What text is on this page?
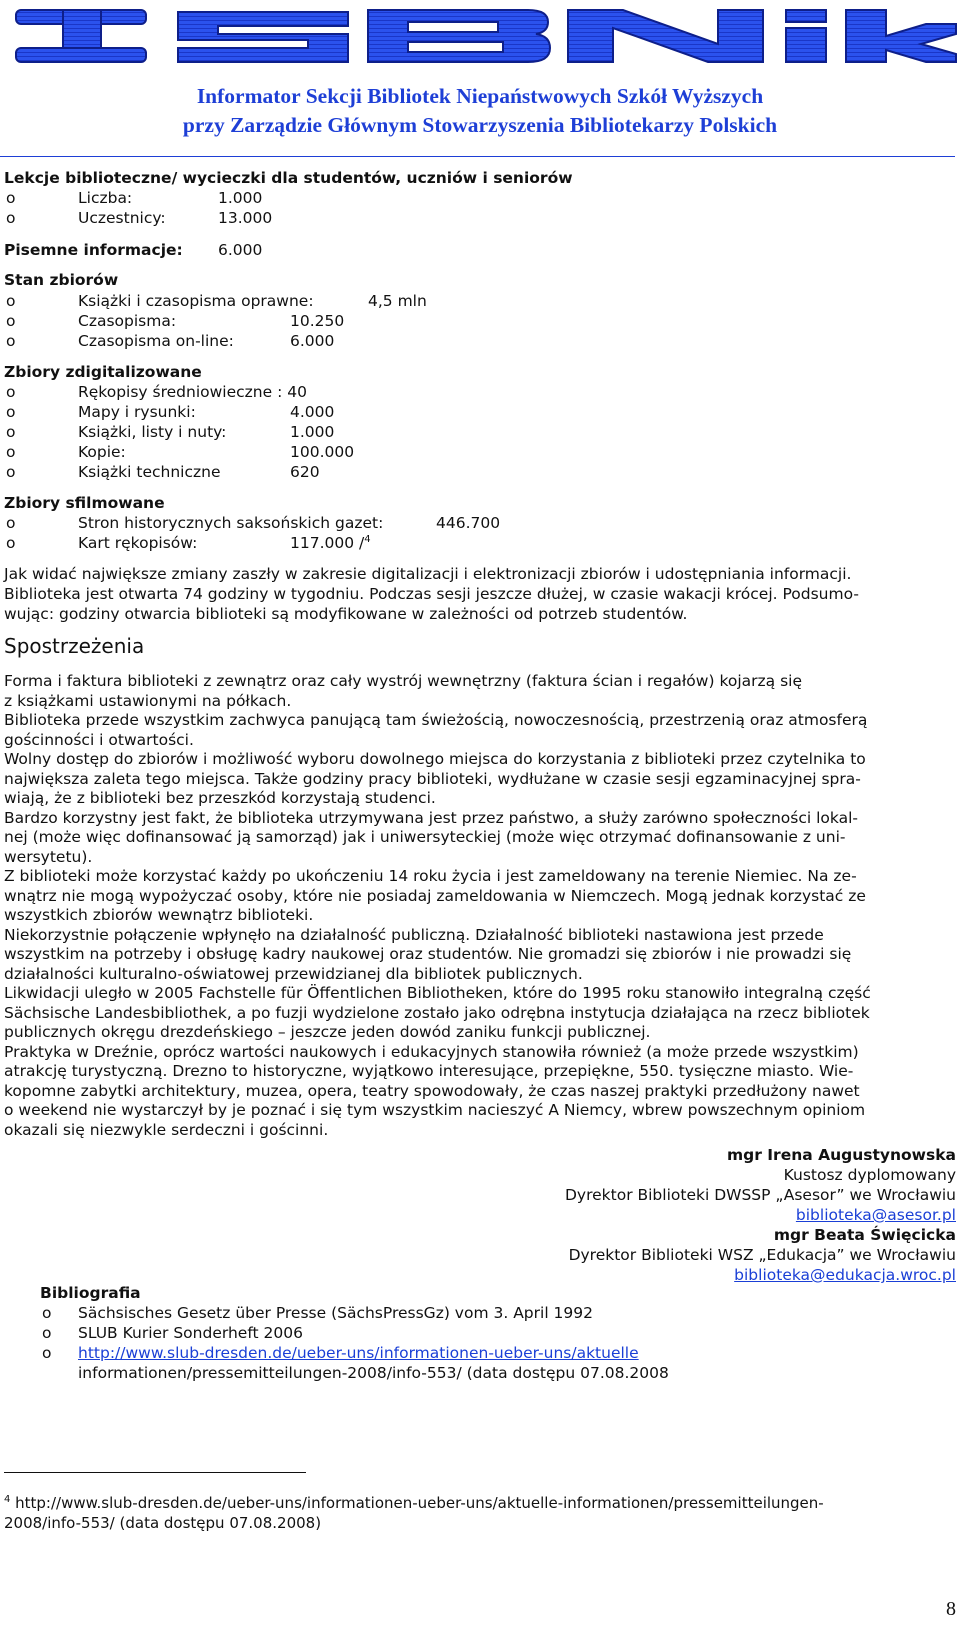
Informator Sekcji Bibliotek Niepaństwowych Szkół Wyższych
przy Zarządzie Głównym Stowarzyszenia Bibliotekarzy Polskich
Lekcje biblioteczne/ wycieczki dla studentów, uczniów i seniorów
o	Liczba:	1.000
o	Uczestnicy:	13.000
Pisemne informacje: 6.000
Stan zbiorów
o	Książki i czasopisma oprawne:	4,5 mln
o	Czasopisma:	10.250
o	Czasopisma on-line:	6.000
Zbiory zdigitalizowane
o	Rękopisy średniowieczne : 40
o	Mapy i rysunki:	4.000
o	Książki, listy i nuty:	1.000
o	Kopie:	100.000
o	Książki techniczne	620
Zbiory sfilmowane
o	Stron historycznych saksońskich gazet:	446.700
o	Kart rękopisów:	117.000 /$^4$
Jak widać największe zmiany zaszły w zakresie digitalizacji i elektronizacji zbiorów i udostępniania informacji.
Biblioteka jest otwarta 74 godziny w tygodniu. Podczas sesji jeszcze dłużej, w czasie wakacji krócej. Podsumo-
wując: godziny otwarcia biblioteki są modyfikowane w zależności od potrzeb studentów.
Spostrzeżenia
Forma i faktura biblioteki z zewnątrz oraz cały wystrój wewnętrzny (faktura ścian i regałów) kojarzą się
z książkami ustawionymi na półkach.
Biblioteka przede wszystkim zachwyca panującą tam świeżością, nowoczesnością, przestrzenią oraz atmosferą
gościnności i otwartości.
Wolny dostęp do zbiorów i możliwość wyboru dowolnego miejsca do korzystania z biblioteki przez czytelnika to
największa zaleta tego miejsca. Także godziny pracy biblioteki, wydłużane w czasie sesji egzaminacyjnej spra-
wiają, że z biblioteki bez przeszkód korzystają studenci.
Bardzo korzystny jest fakt, że biblioteka utrzymywana jest przez państwo, a służy zarówno społeczności lokal-
nej (może więc dofinansować ją samorząd) jak i uniwersyteckiej (może więc otrzymać dofinansowanie z uni-
wersytetu).
Z biblioteki może korzystać każdy po ukończeniu 14 roku życia i jest zameldowany na terenie Niemiec. Na ze-
wnątrz nie mogą wypożyczać osoby, które nie posiadaj zameldowania w Niemczech. Mogą jednak korzystać ze
wszystkich zbiorów wewnątrz biblioteki.
Niekorzystnie połączenie wpłynęło na działalność publiczną. Działalność biblioteki nastawiona jest przede
wszystkim na potrzeby i obsługę kadry naukowej oraz studentów. Nie gromadzi się zbiorów i nie prowadzi się
działalności kulturalno-oświatowej przewidzianej dla bibliotek publicznych.
Likwidacji uległo w 2005 Fachstelle für Öffentlichen Bibliotheken, które do 1995 roku stanowiło integralną część
Sächsische Landesbibliothek, a po fuzji wydzielone zostało jako odrębna instytucja działająca na rzecz bibliotek
publicznych okręgu drezdeńskiego – jeszcze jeden dowód zaniku funkcji publicznej.
Praktyka w Dreźnie, oprócz wartości naukowych i edukacyjnych stanowiła również (a może przede wszystkim)
atrakcję turystyczną. Drezno to historyczne, wyjątkowo interesujące, przepiękne, 550. tysięczne miasto. Wie-
kopomne zabytki architektury, muzea, opera, teatry spowodowały, że czas naszej praktyki przedłużony nawet
o weekend nie wystarczył by je poznać i się tym wszystkim nacieszyć A Niemcy, wbrew powszechnym opiniom
okazali się niezwykle serdeczni i gościnni.
mgr Irena Augustynowska
Kustosz dyplomowany
Dyrektor Biblioteki DWSSP „Asesor” we Wrocławiu
biblioteka@asesor.pl
mgr Beata Święcicka
Dyrektor Biblioteki WSZ „Edukacja” we Wrocławiu
biblioteka@edukacja.wroc.pl
Bibliografia
o Sächsisches Gesetz über Presse (SächsPressGz) vom 3. April 1992
o SLUB Kurier Sonderheft 2006
o http://www.slub-dresden.de/ueber-uns/informationen-ueber-uns/aktuelle
informationen/pressemitteilungen-2008/info-553/ (data dostępu 07.08.2008
$^4$ http://www.slub-dresden.de/ueber-uns/informationen-ueber-uns/aktuelle-informationen/pressemitteilungen-
2008/info-553/ (data dostępu 07.08.2008)
8
